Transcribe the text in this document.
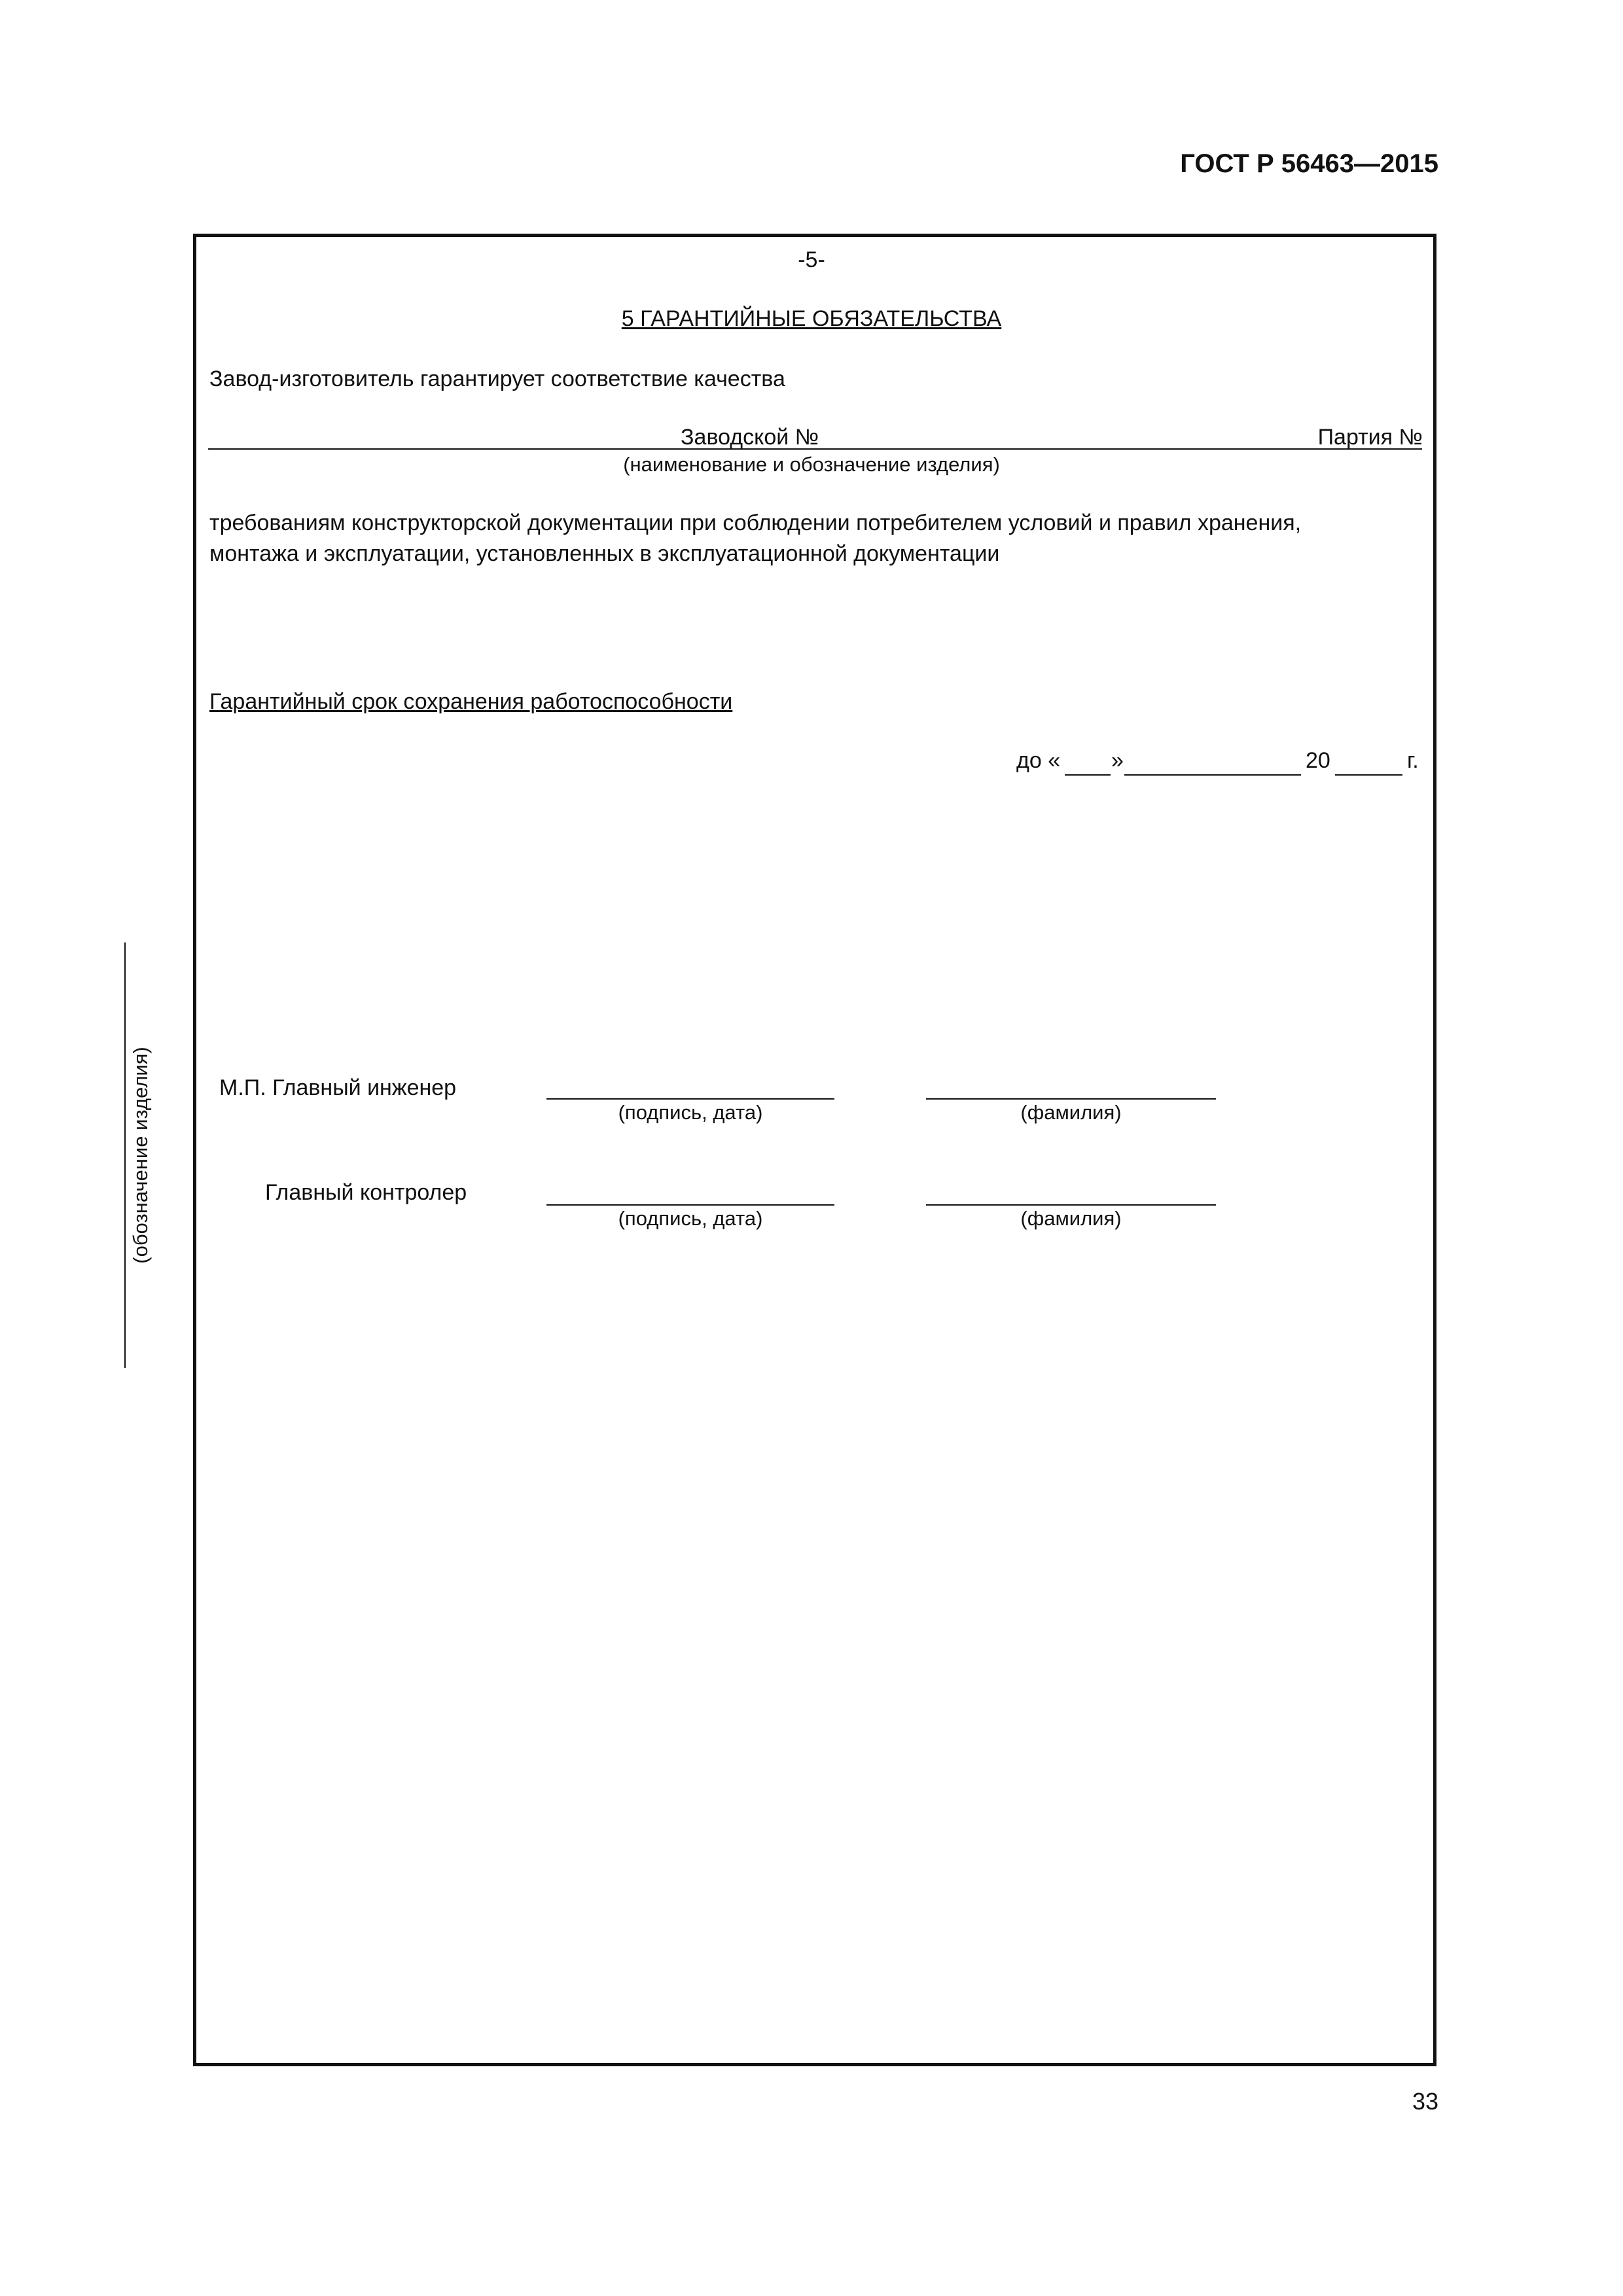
ГОСТ Р 56463—2015
(обозначение изделия)
-5-
5 ГАРАНТИЙНЫЕ ОБЯЗАТЕЛЬСТВА
Завод-изготовитель гарантирует соответствие качества
Заводской №	Партия №
(наименование и обозначение изделия)
требованиям конструкторской документации при соблюдении потребителем условий и правил хранения,
монтажа и эксплуатации, установленных в эксплуатационной документации
Гарантийный срок сохранения работоспособности
до « »	20	г.
М.П. Главный инженер
(подпись, дата)	(фамилия)
Главный контролер
(подпись, дата)	(фамилия)
33
